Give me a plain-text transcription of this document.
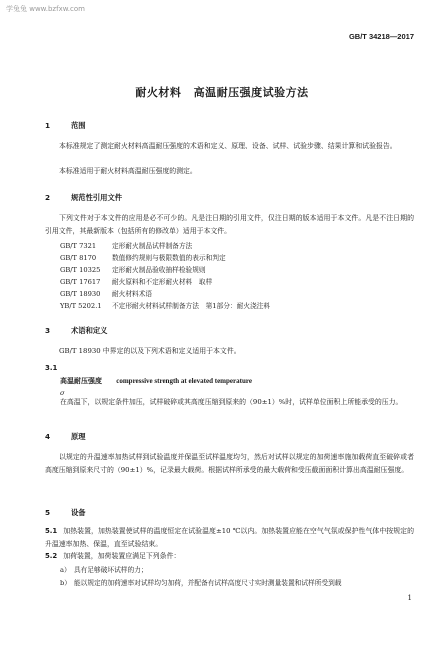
学兔兔 www.bzfxw.com
GB/T 34218—2017
耐火材料 高温耐压强度试验方法
1	范围
本标准规定了测定耐火材料高温耐压强度的术语和定义、原理、设备、试样、试验步骤、结果计算和试验报告。
本标准适用于耐火材料高温耐压强度的测定。
2	规范性引用文件
下列文件对于本文件的应用是必不可少的。凡是注日期的引用文件，仅注日期的版本适用于本文件。凡是不注日期的引用文件，其最新版本（包括所有的修改单）适用于本文件。
GB/T 7321 定形耐火制品试样制备方法
GB/T 8170 数值修约规则与极限数值的表示和判定
GB/T 10325 定形耐火制品验收抽样检验规则
GB/T 17617 耐火原料和不定形耐火材料　取样
GB/T 18930 耐火材料术语
YB/T 5202.1 不定形耐火材料试样制备方法　第1部分：耐火浇注料
3	术语和定义
GB/T 18930 中界定的以及下列术语和定义适用于本文件。
3.1
高温耐压强度 compressive strength at elevated temperature
σ
在高温下，以规定条件加压，试样破碎或其高度压缩到原来的（90±1）%时，试样单位面积上所能承受的压力。
4	原理
以规定的升温速率加热试样到试验温度并保温至试样温度均匀，然后对试样以规定的加荷速率施加载荷直至破碎或者高度压缩到原来尺寸的（90±1）%，记录最大载荷。根据试样所承受的最大载荷和受压截面面积计算出高温耐压强度。
5	设备
5.1 加热装置，加热装置使试样的温度恒定在试验温度±10 ℃以内。加热装置应能在空气气氛或保护性气体中按规定的升温速率加热、保温，直至试验结束。
5.2 加荷装置，加荷装置应满足下列条件：
a） 具有足够破坏试样的力；
b） 能以规定的加荷速率对试样均匀加荷，并配备有试样高度尺寸实时测量装置和试样所受到载
1
